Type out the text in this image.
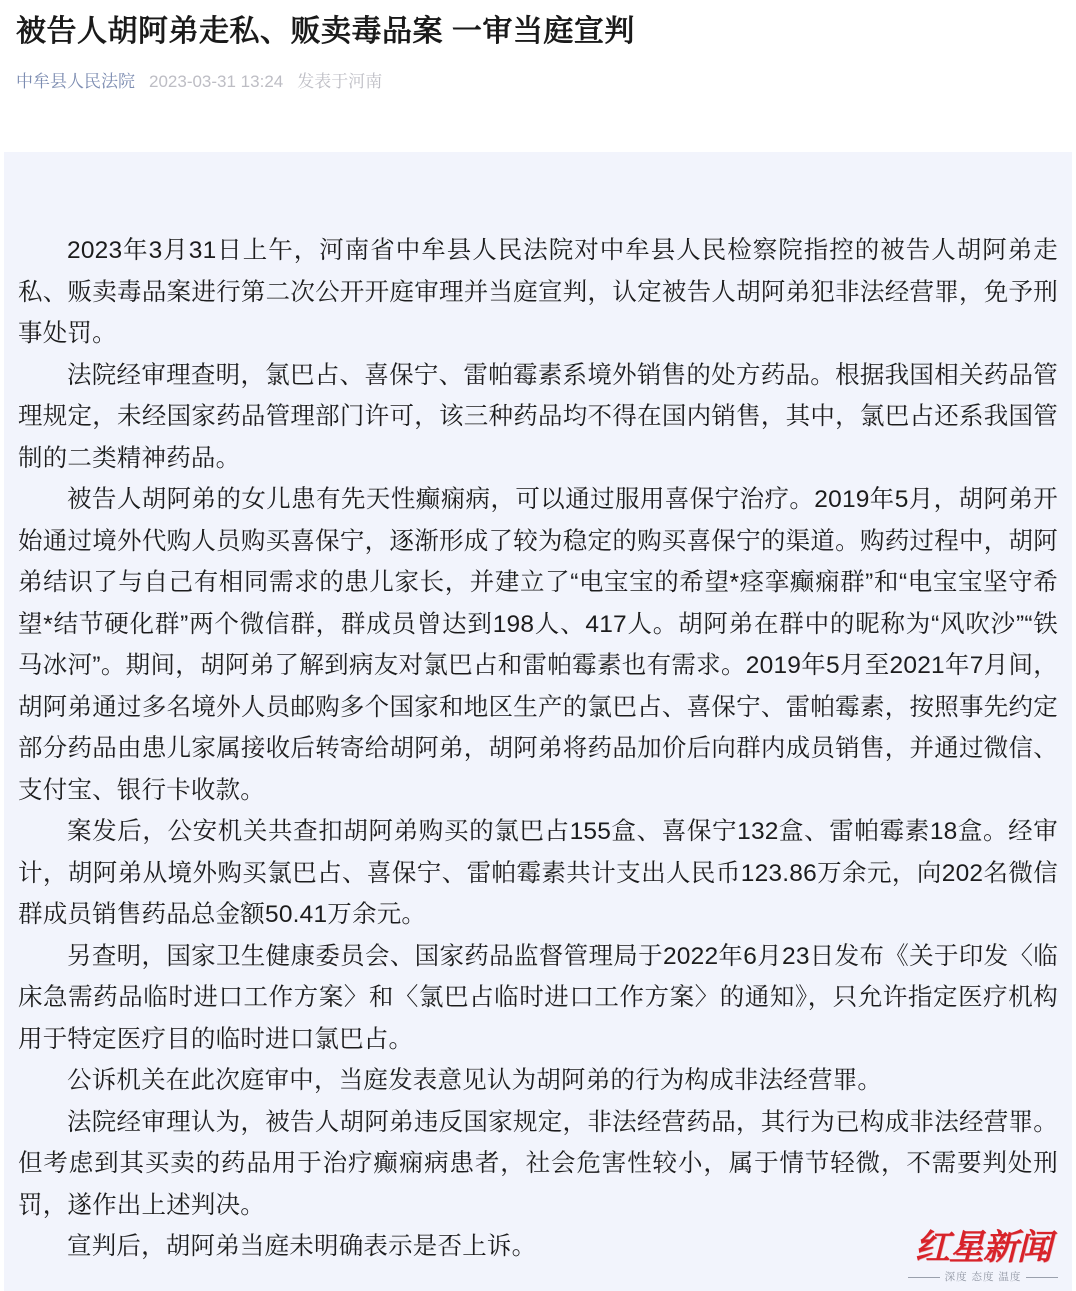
被告人胡阿弟走私、贩卖毒品案 一审当庭宣判
中牟县人民法院 2023-03-31 13:24 发表于河南

2023年3月31日上午，河南省中牟县人民法院对中牟县人民检察院指控的被告人胡阿弟走私、贩卖毒品案进行第二次公开开庭审理并当庭宣判，认定被告人胡阿弟犯非法经营罪，免予刑事处罚。

法院经审理查明，氯巴占、喜保宁、雷帕霉素系境外销售的处方药品。根据我国相关药品管理规定，未经国家药品管理部门许可，该三种药品均不得在国内销售，其中，氯巴占还系我国管制的二类精神药品。

被告人胡阿弟的女儿患有先天性癫痫病，可以通过服用喜保宁治疗。2019年5月，胡阿弟开始通过境外代购人员购买喜保宁，逐渐形成了较为稳定的购买喜保宁的渠道。购药过程中，胡阿弟结识了与自己有相同需求的患儿家长，并建立了“电宝宝的希望*痉挛癫痫群”和“电宝宝坚守希望*结节硬化群”两个微信群，群成员曾达到198人、417人。胡阿弟在群中的昵称为“风吹沙”“铁马冰河”。期间，胡阿弟了解到病友对氯巴占和雷帕霉素也有需求。2019年5月至2021年7月间，胡阿弟通过多名境外人员邮购多个国家和地区生产的氯巴占、喜保宁、雷帕霉素，按照事先约定部分药品由患儿家属接收后转寄给胡阿弟，胡阿弟将药品加价后向群内成员销售，并通过微信、支付宝、银行卡收款。

案发后，公安机关共查扣胡阿弟购买的氯巴占155盒、喜保宁132盒、雷帕霉素18盒。经审计，胡阿弟从境外购买氯巴占、喜保宁、雷帕霉素共计支出人民币123.86万余元，向202名微信群成员销售药品总金额50.41万余元。

另查明，国家卫生健康委员会、国家药品监督管理局于2022年6月23日发布《关于印发〈临床急需药品临时进口工作方案〉和〈氯巴占临时进口工作方案〉的通知》，只允许指定医疗机构用于特定医疗目的临时进口氯巴占。

公诉机关在此次庭审中，当庭发表意见认为胡阿弟的行为构成非法经营罪。

法院经审理认为，被告人胡阿弟违反国家规定，非法经营药品，其行为已构成非法经营罪。但考虑到其买卖的药品用于治疗癫痫病患者，社会危害性较小，属于情节轻微，不需要判处刑罚，遂作出上述判决。

宣判后，胡阿弟当庭未明确表示是否上诉。	红星新闻
深度 态度 温度
